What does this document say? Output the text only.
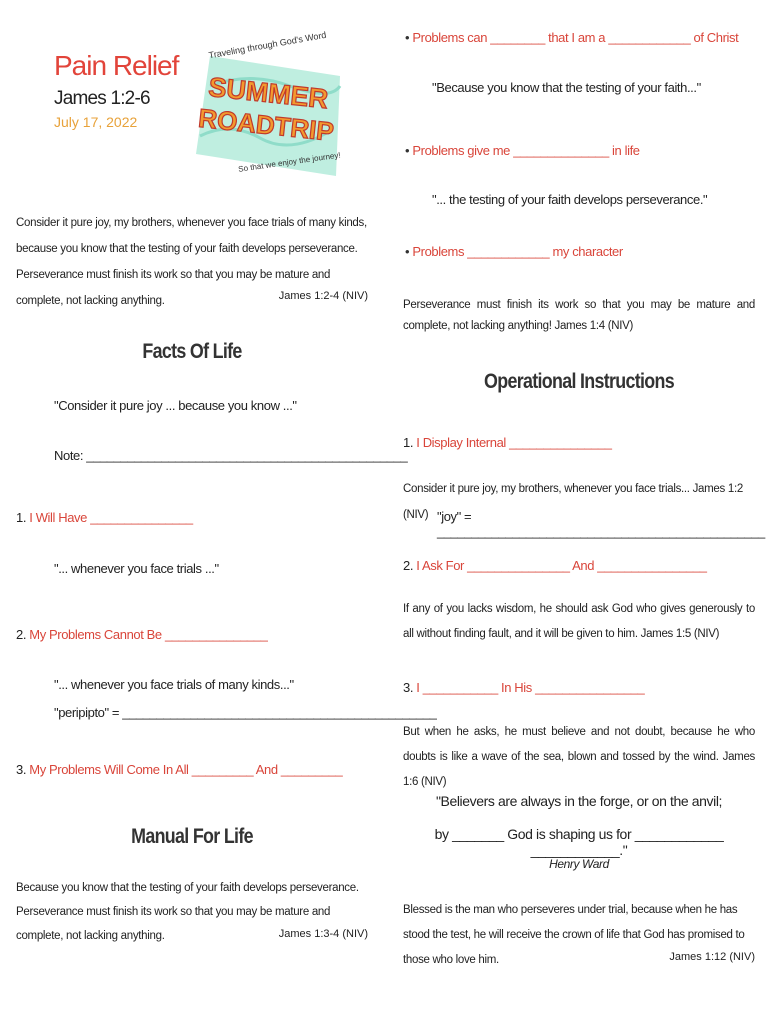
Pain Relief
James 1:2-6
July 17, 2022
Traveling through God's Word
SUMMER
ROADTRIP
So that we enjoy the journey!
Consider it pure joy, my brothers, whenever you face trials of many kinds, because you know that the testing of your faith develops perseverance. Perseverance must finish its work so that you may be mature and complete, not lacking anything.	James 1:2-4 (NIV)
Facts Of Life
"Consider it pure joy ... because you know ..."
Note: _______________________________________________
1. I Will Have _______________
"... whenever you face trials ..."
2. My Problems Cannot Be _______________
"... whenever you face trials of many kinds..."
"peripipto" = ______________________________________________
3. My Problems Will Come In All _________ And _________
Manual For Life
Because you know that the testing of your faith develops perseverance. Perseverance must finish its work so that you may be mature and complete, not lacking anything.	James 1:3-4 (NIV)
• Problems can ________ that I am a ____________ of Christ
"Because you know that the testing of your faith..."
• Problems give me ______________ in life
"... the testing of your faith develops perseverance."
• Problems ____________ my character
Perseverance must finish its work so that you may be mature and complete, not lacking anything! James 1:4 (NIV)
Operational Instructions
1. I Display Internal _______________
Consider it pure joy, my brothers, whenever you face trials... James 1:2 (NIV) "joy" = ________________________________________________
2. I Ask For _______________ And ________________
If any of you lacks wisdom, he should ask God who gives generously to all without finding fault, and it will be given to him. James 1:5 (NIV)
3. I ___________ In His ________________
But when he asks, he must believe and not doubt, because he who doubts is like a wave of the sea, blown and tossed by the wind. James 1:6 (NIV)
"Believers are always in the forge, or on the anvil;
by _______ God is shaping us for ____________ ____________."
Henry Ward
Blessed is the man who perseveres under trial, because when he has stood the test, he will receive the crown of life that God has promised to those who love him.	James 1:12 (NIV)
